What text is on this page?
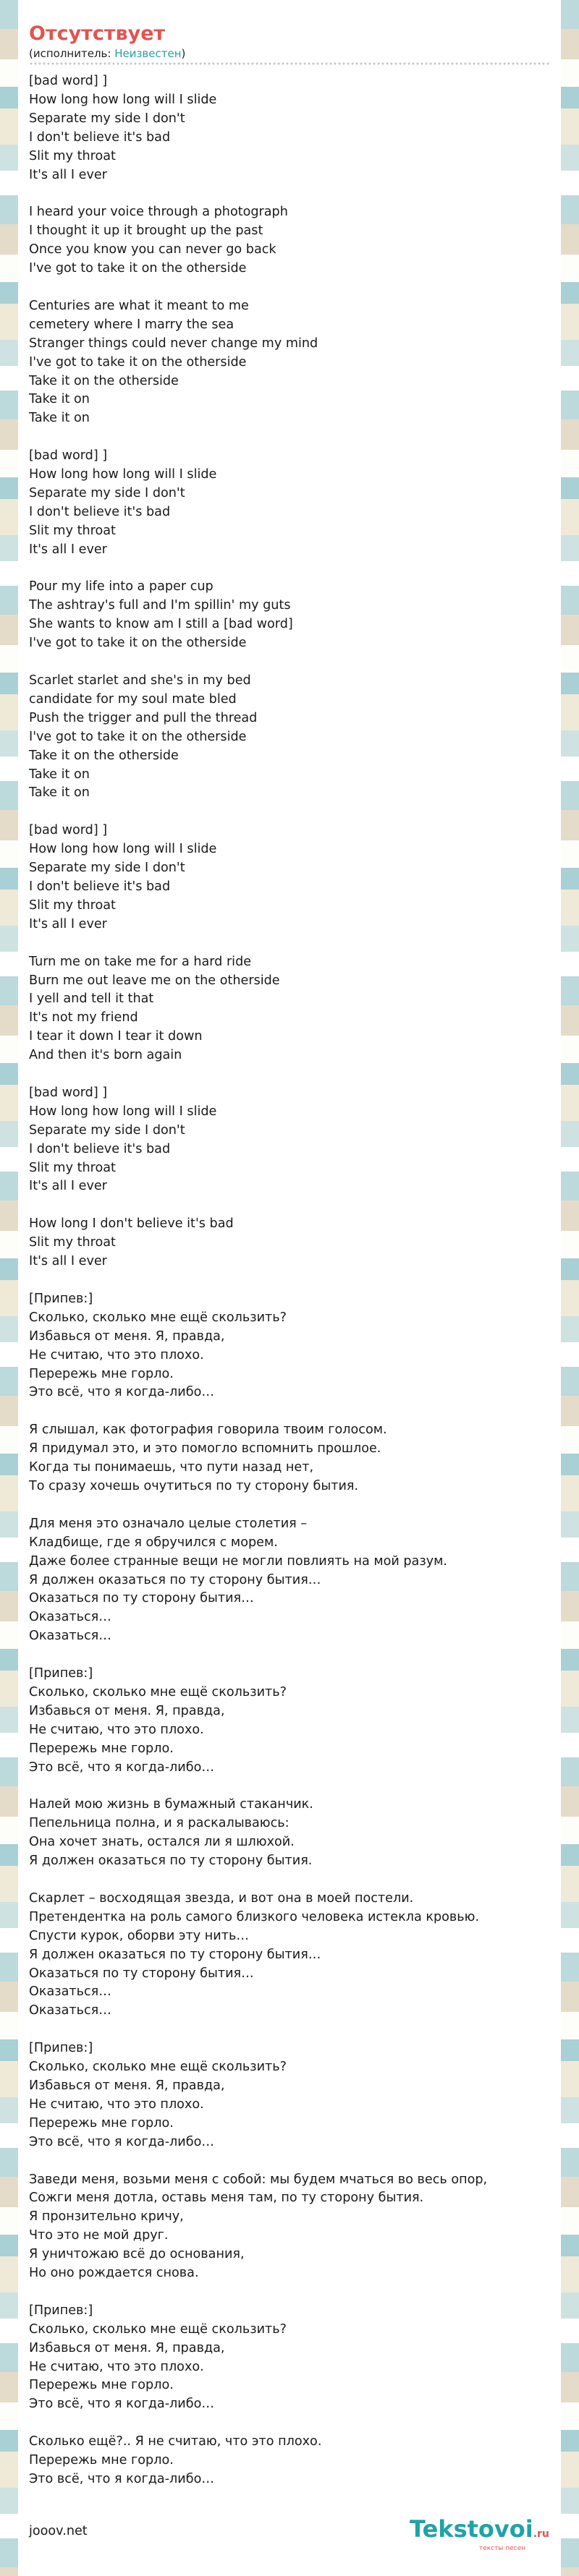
Отсутствует
(исполнитель: Неизвестен)
[bad word] ]
How long how long will I slide
Separate my side I don't
I don't believe it's bad
Slit my throat
It's all I ever

I heard your voice through a photograph
I thought it up it brought up the past
Once you know you can never go back
I've got to take it on the otherside

Centuries are what it meant to me
cemetery where I marry the sea
Stranger things could never change my mind
I've got to take it on the otherside
Take it on the otherside
Take it on
Take it on

[bad word] ]
How long how long will I slide
Separate my side I don't
I don't believe it's bad
Slit my throat
It's all I ever

Pour my life into a paper cup
The ashtray's full and I'm spillin' my guts
She wants to know am I still a [bad word]
I've got to take it on the otherside

Scarlet starlet and she's in my bed
candidate for my soul mate bled
Push the trigger and pull the thread
I've got to take it on the otherside
Take it on the otherside
Take it on
Take it on

[bad word] ]
How long how long will I slide
Separate my side I don't
I don't believe it's bad
Slit my throat
It's all I ever

Turn me on take me for a hard ride
Burn me out leave me on the otherside
I yell and tell it that
It's not my friend
I tear it down I tear it down
And then it's born again

[bad word] ]
How long how long will I slide
Separate my side I don't
I don't believe it's bad
Slit my throat
It's all I ever

How long I don't believe it's bad
Slit my throat
It's all I ever

[Припев:]
Сколько, сколько мне ещё скользить?
Избавься от меня. Я, правда,
Не считаю, что это плохо.
Перережь мне горло.
Это всё, что я когда-либо…

Я слышал, как фотография говорила твоим голосом.
Я придумал это, и это помогло вспомнить прошлое.
Когда ты понимаешь, что пути назад нет,
То сразу хочешь очутиться по ту сторону бытия.

Для меня это означало целые столетия –
Кладбище, где я обручился с морем.
Даже более странные вещи не могли повлиять на мой разум.
Я должен оказаться по ту сторону бытия…
Оказаться по ту сторону бытия…
Оказаться…
Оказаться…

[Припев:]
Сколько, сколько мне ещё скользить?
Избавься от меня. Я, правда,
Не считаю, что это плохо.
Перережь мне горло.
Это всё, что я когда-либо…

Налей мою жизнь в бумажный стаканчик.
Пепельница полна, и я раскалываюсь:
Она хочет знать, остался ли я шлюхой.
Я должен оказаться по ту сторону бытия.

Скарлет – восходящая звезда, и вот она в моей постели.
Претендентка на роль самого близкого человека истекла кровью.
Спусти курок, оборви эту нить…
Я должен оказаться по ту сторону бытия…
Оказаться по ту сторону бытия…
Оказаться…
Оказаться…

[Припев:]
Сколько, сколько мне ещё скользить?
Избавься от меня. Я, правда,
Не считаю, что это плохо.
Перережь мне горло.
Это всё, что я когда-либо…

Заведи меня, возьми меня с собой: мы будем мчаться во весь опор,
Сожги меня дотла, оставь меня там, по ту сторону бытия.
Я пронзительно кричу,
Что это не мой друг.
Я уничтожаю всё до основания,
Но оно рождается снова.

[Припев:]
Сколько, сколько мне ещё скользить?
Избавься от меня. Я, правда,
Не считаю, что это плохо.
Перережь мне горло.
Это всё, что я когда-либо…

Сколько ещё?.. Я не считаю, что это плохо.
Перережь мне горло.
Это всё, что я когда-либо…
jooov.net	Tekstovoi.ru
тексты песен
